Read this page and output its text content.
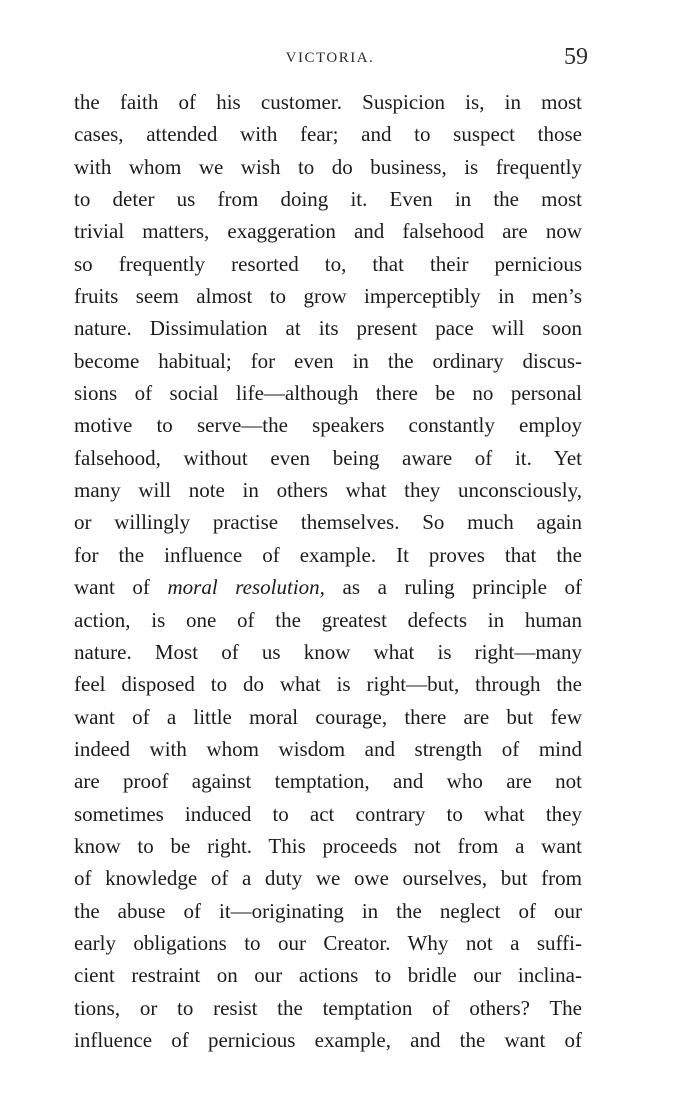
VICTORIA.	59
the faith of his customer. Suspicion is, in most
cases, attended with fear; and to suspect those
with whom we wish to do business, is frequently
to deter us from doing it. Even in the most
trivial matters, exaggeration and falsehood are now
so frequently resorted to, that their pernicious
fruits seem almost to grow imperceptibly in men’s
nature. Dissimulation at its present pace will soon
become habitual; for even in the ordinary discus-
sions of social life—although there be no personal
motive to serve—the speakers constantly employ
falsehood, without even being aware of it. Yet
many will note in others what they unconsciously,
or willingly practise themselves. So much again
for the influence of example. It proves that the
want of moral resolution, as a ruling principle of
action, is one of the greatest defects in human
nature. Most of us know what is right—many
feel disposed to do what is right—but, through the
want of a little moral courage, there are but few
indeed with whom wisdom and strength of mind
are proof against temptation, and who are not
sometimes induced to act contrary to what they
know to be right. This proceeds not from a want
of knowledge of a duty we owe ourselves, but from
the abuse of it—originating in the neglect of our
early obligations to our Creator. Why not a suffi-
cient restraint on our actions to bridle our inclina-
tions, or to resist the temptation of others? The
influence of pernicious example, and the want of
